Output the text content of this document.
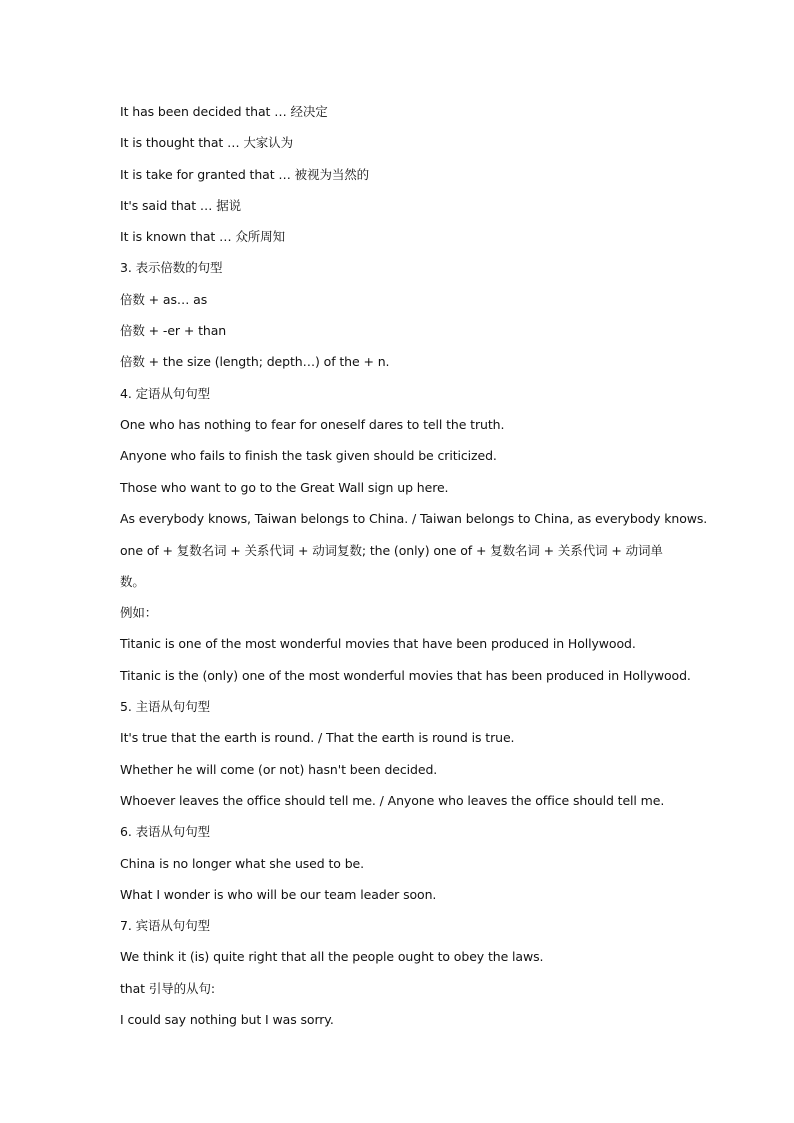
It has been decided that … 经决定
It is thought that … 大家认为
It is take for granted that … 被视为当然的
It's said that … 据说
It is known that … 众所周知
3. 表示倍数的句型
倍数 + as… as
倍数 + -er + than
倍数 + the size (length; depth…) of the + n.
4. 定语从句句型
One who has nothing to fear for oneself dares to tell the truth.
Anyone who fails to finish the task given should be criticized.
Those who want to go to the Great Wall sign up here.
As everybody knows, Taiwan belongs to China. / Taiwan belongs to China, as everybody knows.
one of + 复数名词 + 关系代词 + 动词复数; the (only) one of + 复数名词 + 关系代词 + 动词单数。
例如：
Titanic is one of the most wonderful movies that have been produced in Hollywood.
Titanic is the (only) one of the most wonderful movies that has been produced in Hollywood.
5. 主语从句句型
It's true that the earth is round. / That the earth is round is true.
Whether he will come (or not) hasn't been decided.
Whoever leaves the office should tell me. / Anyone who leaves the office should tell me.
6. 表语从句句型
China is no longer what she used to be.
What I wonder is who will be our team leader soon.
7. 宾语从句句型
We think it (is) quite right that all the people ought to obey the laws.
that 引导的从句:
I could say nothing but I was sorry.
